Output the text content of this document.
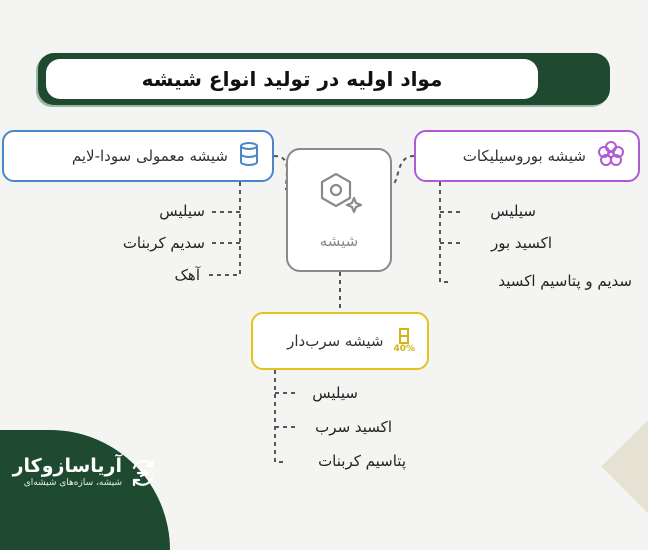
مواد اولیه در تولید انواع شیشه
شیشه معمولی سودا-لایم	شیشه بوروسیلیکات
شیشه
40%
شیشه سرب‌دار
سیلیس
سدیم کربنات
آهک
سیلیس
اکسید بور
سدیم و پتاسیم اکسید
سیلیس
اکسید سرب
پتاسیم کربنات
آریاسازوکار
شیشه، سازه‌های شیشه‌ای
